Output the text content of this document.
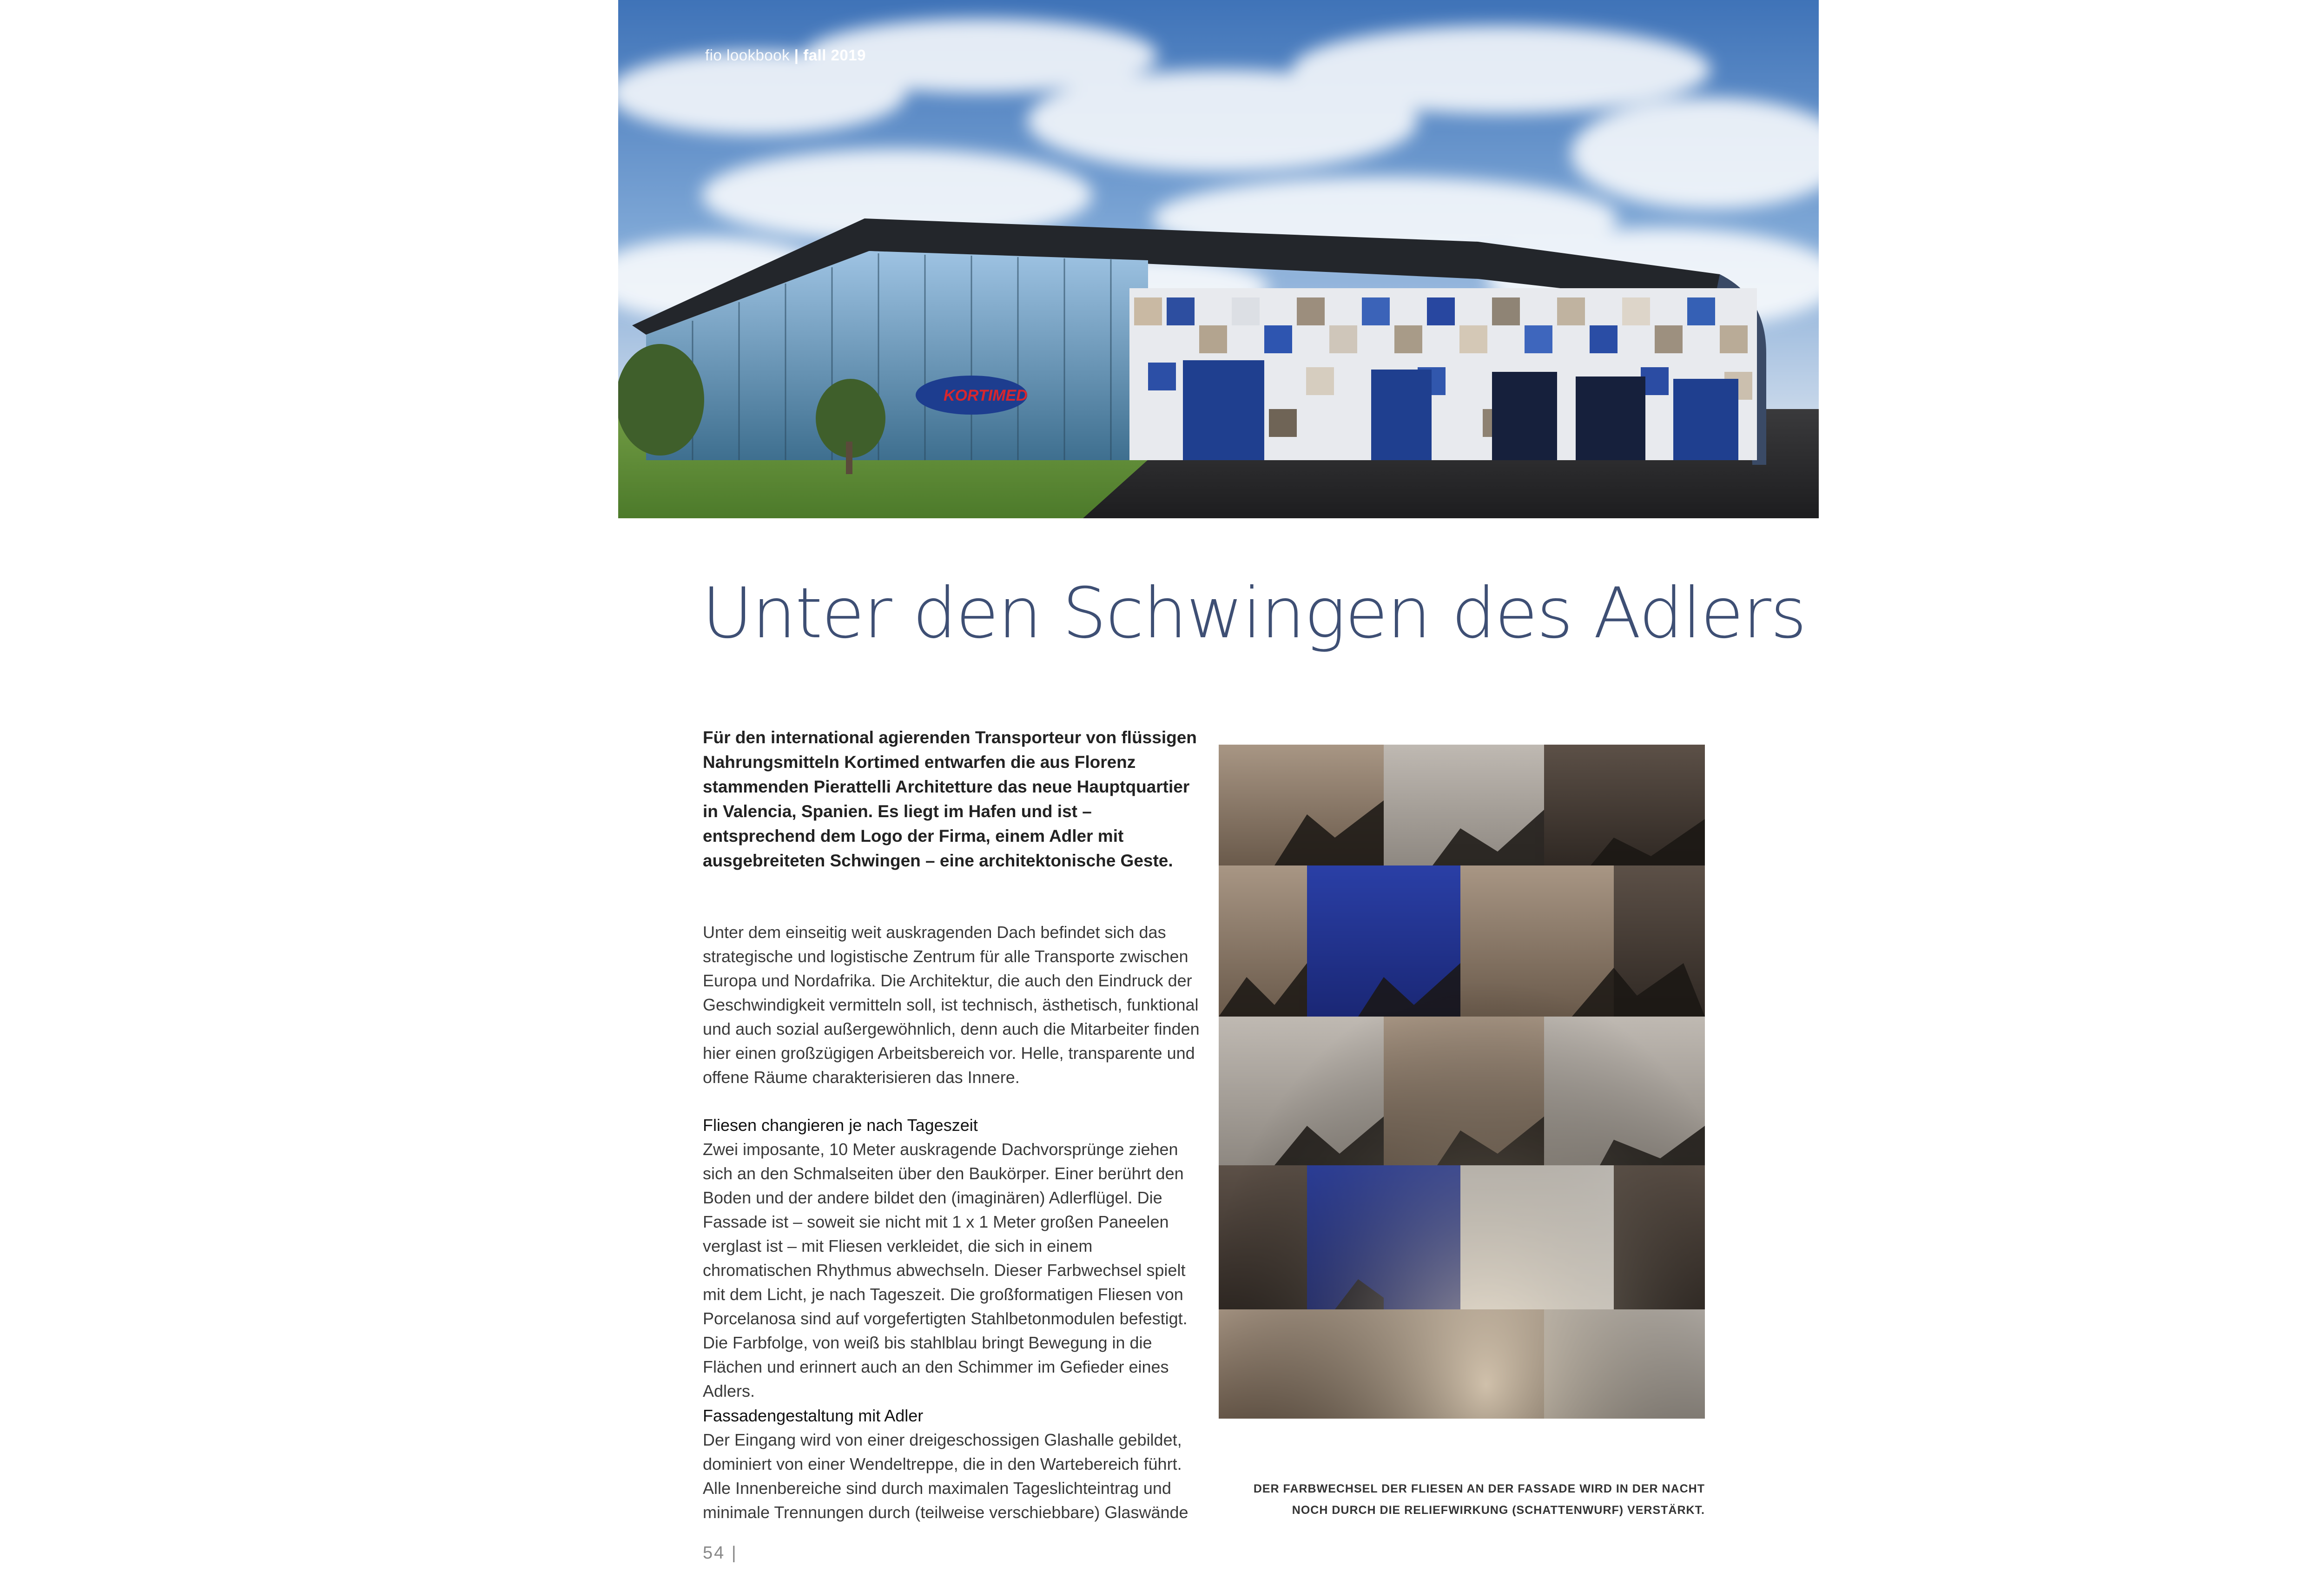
KORTIMED
fio lookbook | fall 2019
Unter den Schwingen des Adlers
Für den international agierenden Transporteur von flüssigen Nahrungsmitteln Kortimed entwarfen die aus Florenz stammenden Pierattelli Architetture das neue Hauptquartier in Valencia, Spanien. Es liegt im Hafen und ist – entsprechend dem Logo der Firma, einem Adler mit ausgebreiteten Schwingen – eine architektonische Geste.
Unter dem einseitig weit auskragenden Dach befindet sich das strategische und logistische Zentrum für alle Transporte zwischen Europa und Nordafrika. Die Architektur, die auch den Eindruck der Geschwindigkeit vermitteln soll, ist technisch, ästhetisch, funktional und auch sozial außergewöhnlich, denn auch die Mitarbeiter finden hier einen großzügigen Arbeitsbereich vor. Helle, transparente und offene Räume charakterisieren das Innere.

Fliesen changieren je nach Tageszeit

Zwei imposante, 10 Meter auskragende Dachvorsprünge ziehen sich an den Schmalseiten über den Baukörper. Einer berührt den Boden und der andere bildet den (imaginären) Adlerflügel. Die Fassade ist – soweit sie nicht mit 1 x 1 Meter großen Paneelen verglast ist – mit Fliesen verkleidet, die sich in einem chromatischen Rhythmus abwechseln. Dieser Farbwechsel spielt mit dem Licht, je nach Tageszeit. Die großformatigen Fliesen von Porcelanosa sind auf vorgefertigten Stahlbetonmodulen befestigt. Die Farbfolge, von weiß bis stahlblau bringt Bewegung in die Flächen und erinnert auch an den Schimmer im Gefieder eines Adlers.

Fassadengestaltung mit Adler

Der Eingang wird von einer dreigeschossigen Glashalle gebildet, dominiert von einer Wendeltreppe, die in den Wartebereich führt. Alle Innenbereiche sind durch maximalen Tageslichteintrag und minimale Trennungen durch (teilweise verschiebbare) Glaswände

DER FARBWECHSEL DER FLIESEN AN DER FASSADE WIRD IN DER NACHT
NOCH DURCH DIE RELIEFWIRKUNG (SCHATTENWURF) VERSTÄRKT.
54 |
